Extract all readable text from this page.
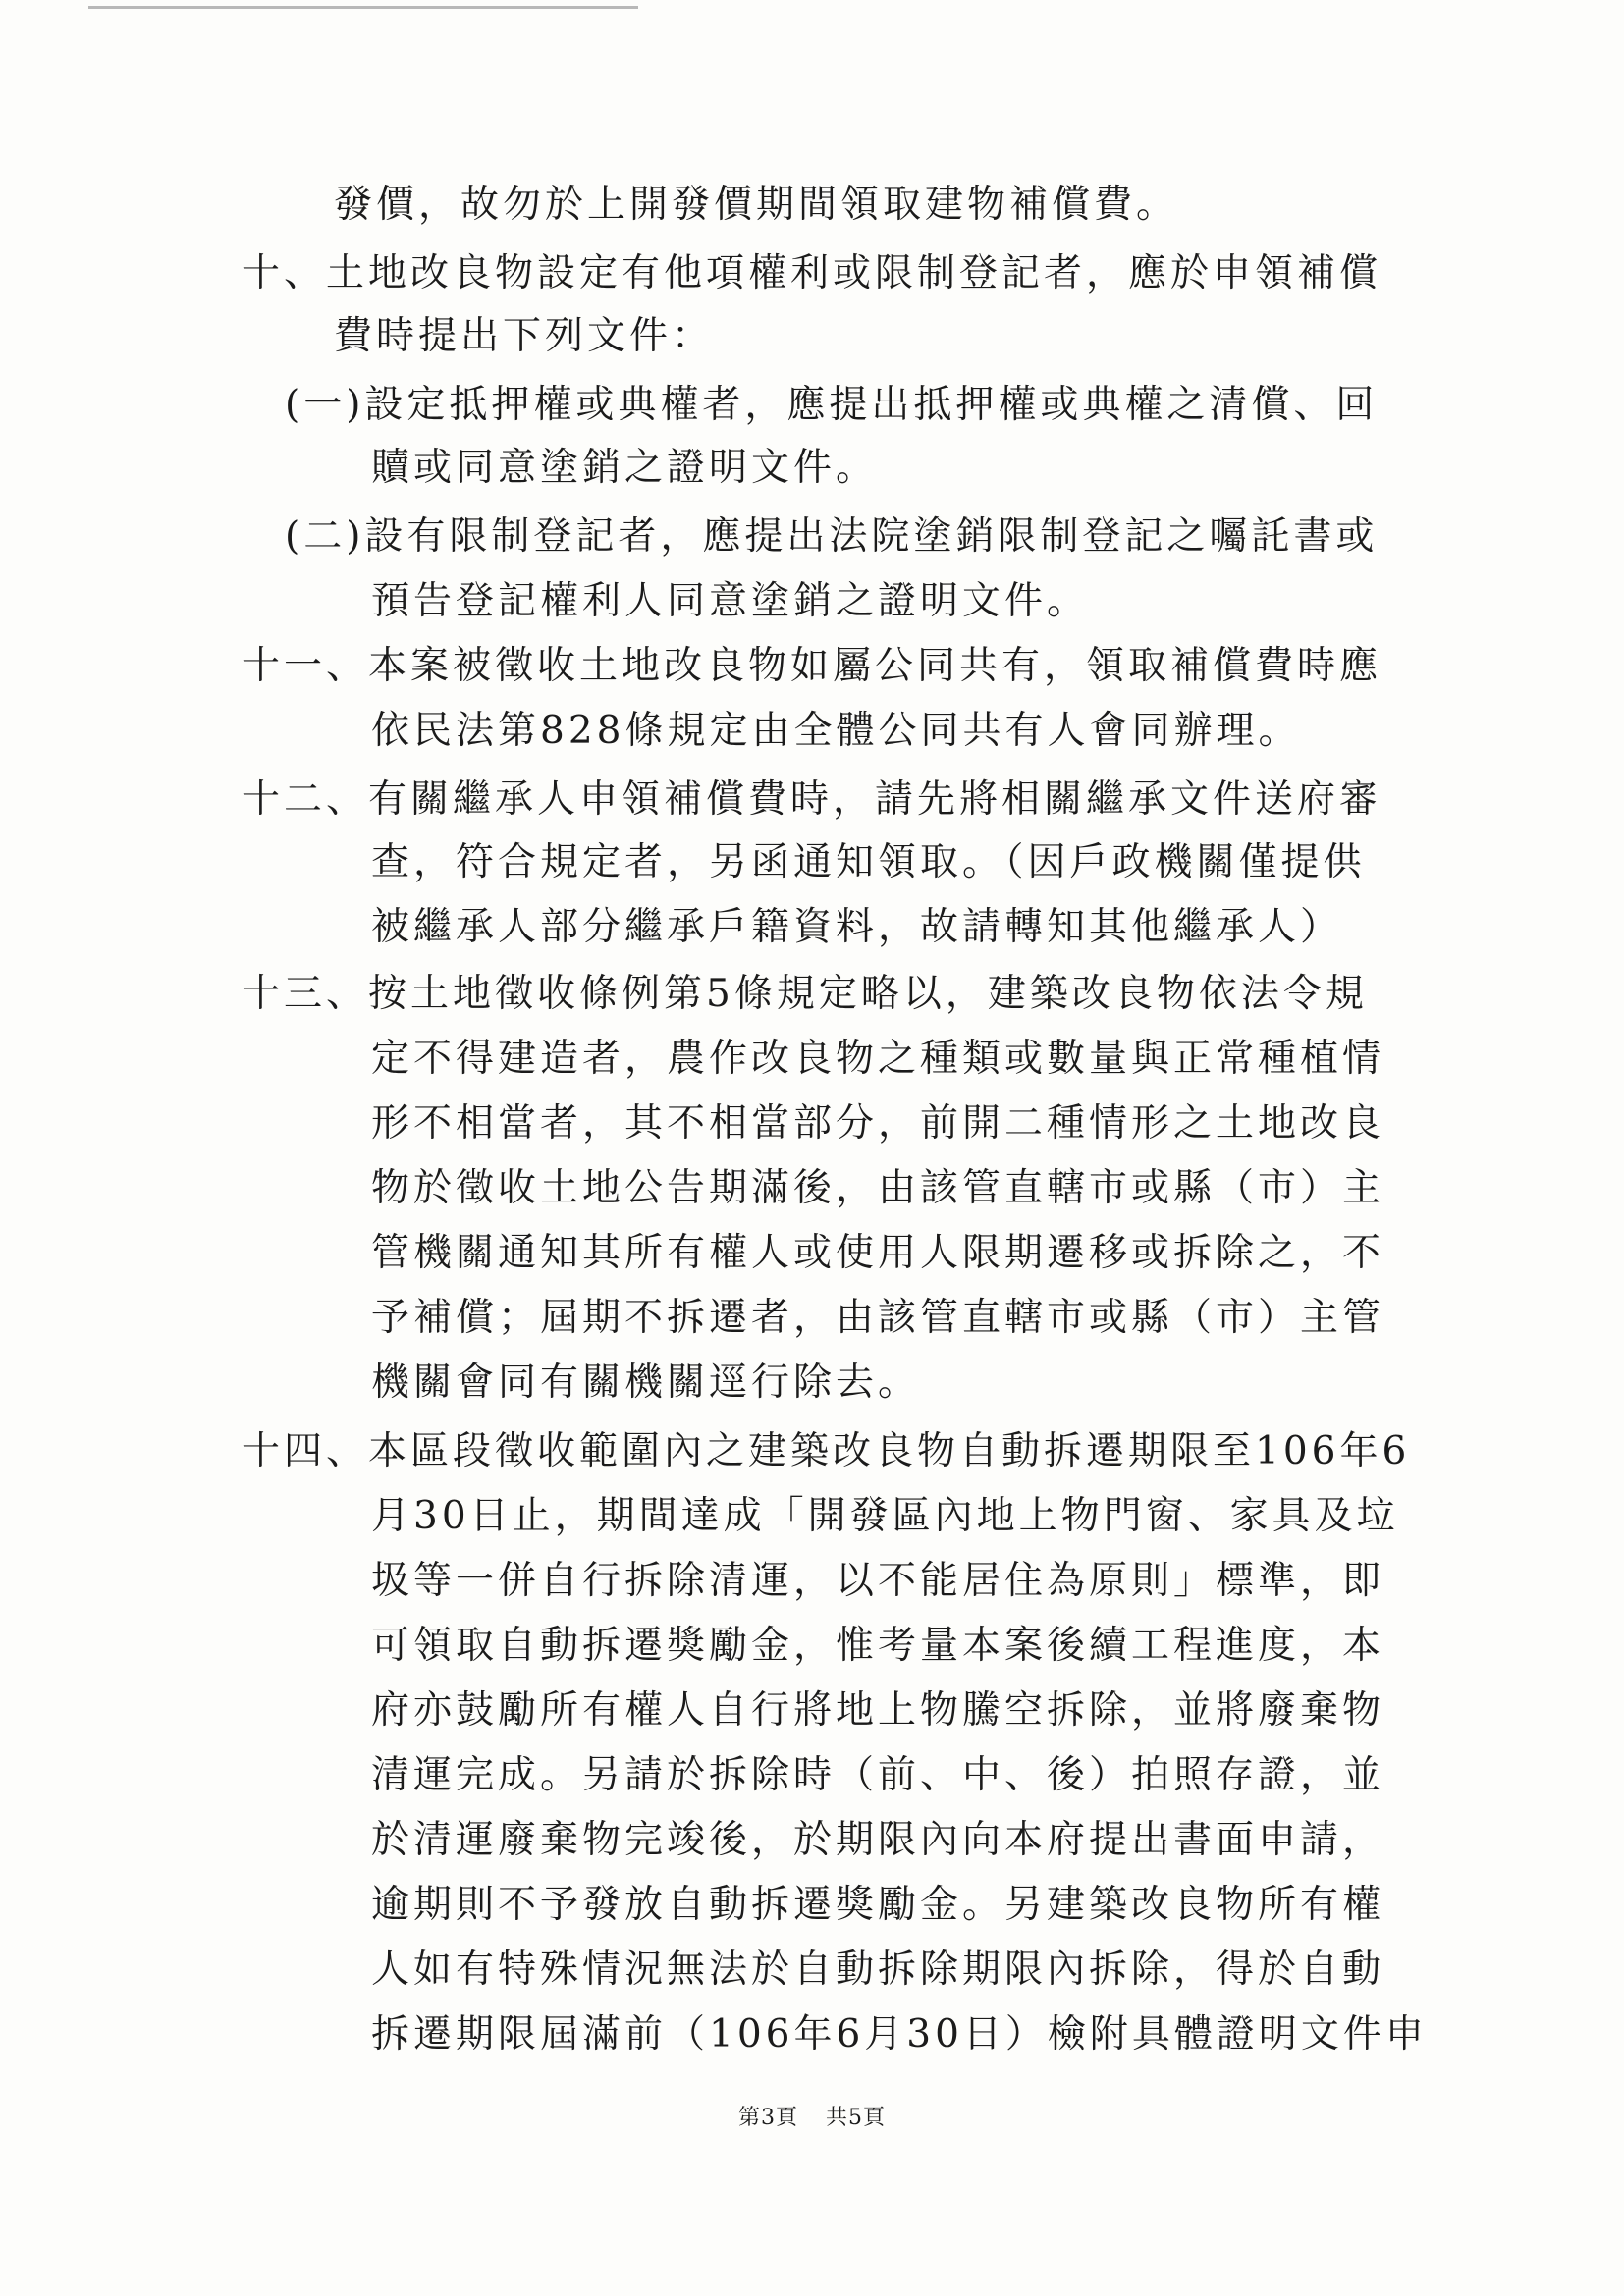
發價，故勿於上開發價期間領取建物補償費。
十、土地改良物設定有他項權利或限制登記者，應於申領補償
費時提出下列文件：
(一)設定抵押權或典權者，應提出抵押權或典權之清償、回
贖或同意塗銷之證明文件。
(二)設有限制登記者，應提出法院塗銷限制登記之囑託書或
預告登記權利人同意塗銷之證明文件。
十一、本案被徵收土地改良物如屬公同共有，領取補償費時應
依民法第828條規定由全體公同共有人會同辦理。
十二、有關繼承人申領補償費時，請先將相關繼承文件送府審
查，符合規定者，另函通知領取。（因戶政機關僅提供
被繼承人部分繼承戶籍資料，故請轉知其他繼承人）
十三、按土地徵收條例第5條規定略以，建築改良物依法令規
定不得建造者，農作改良物之種類或數量與正常種植情
形不相當者，其不相當部分，前開二種情形之土地改良
物於徵收土地公告期滿後，由該管直轄市或縣（市）主
管機關通知其所有權人或使用人限期遷移或拆除之，不
予補償；屆期不拆遷者，由該管直轄市或縣（市）主管
機關會同有關機關逕行除去。
十四、本區段徵收範圍內之建築改良物自動拆遷期限至106年6
月30日止，期間達成「開發區內地上物門窗、家具及垃
圾等一併自行拆除清運，以不能居住為原則」標準，即
可領取自動拆遷獎勵金，惟考量本案後續工程進度，本
府亦鼓勵所有權人自行將地上物騰空拆除，並將廢棄物
清運完成。另請於拆除時（前、中、後）拍照存證，並
於清運廢棄物完竣後，於期限內向本府提出書面申請，
逾期則不予發放自動拆遷獎勵金。另建築改良物所有權
人如有特殊情況無法於自動拆除期限內拆除，得於自動
拆遷期限屆滿前（106年6月30日）檢附具體證明文件申
第3頁 共5頁
